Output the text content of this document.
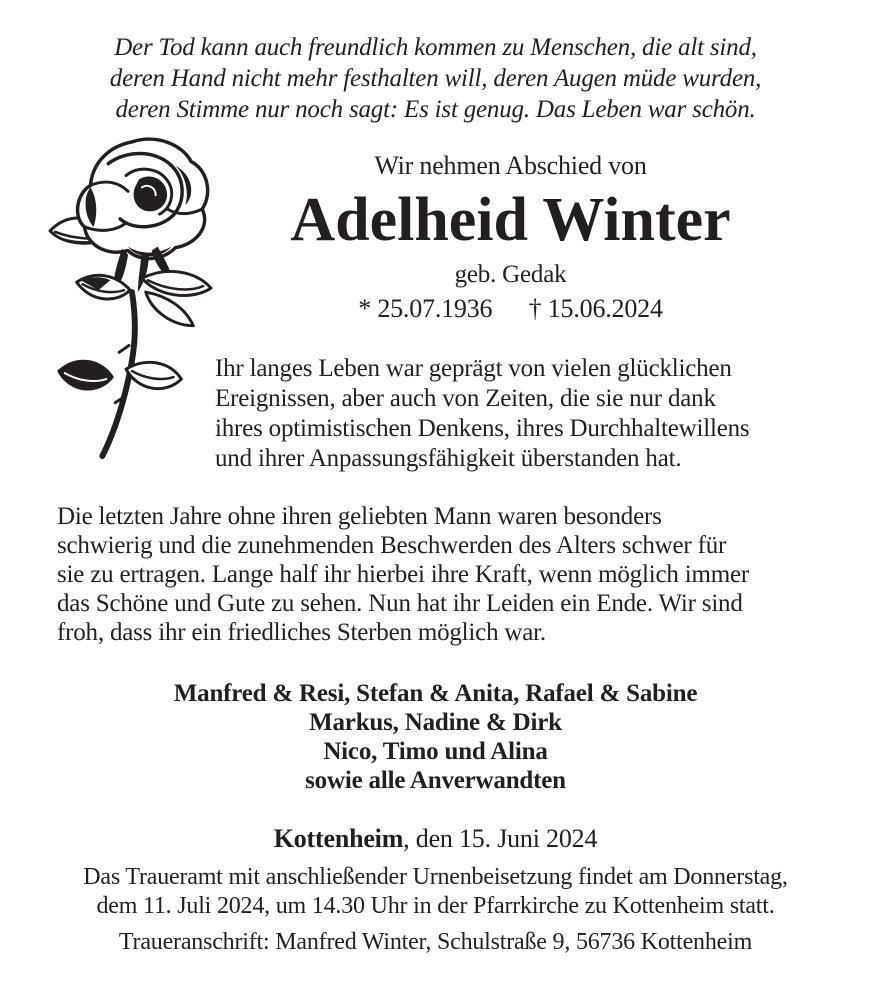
Der Tod kann auch freundlich kommen zu Menschen, die alt sind,
deren Hand nicht mehr festhalten will, deren Augen müde wurden,
deren Stimme nur noch sagt: Es ist genug. Das Leben war schön.
Wir nehmen Abschied von
Adelheid Winter
geb. Gedak
* 25.07.1936 † 15.06.2024
Ihr langes Leben war geprägt von vielen glücklichen
Ereignissen, aber auch von Zeiten, die sie nur dank
ihres optimistischen Denkens, ihres Durchhaltewillens
und ihrer Anpassungsfähigkeit überstanden hat.
Die letzten Jahre ohne ihren geliebten Mann waren besonders
schwierig und die zunehmenden Beschwerden des Alters schwer für
sie zu ertragen. Lange half ihr hierbei ihre Kraft, wenn möglich immer
das Schöne und Gute zu sehen. Nun hat ihr Leiden ein Ende. Wir sind
froh, dass ihr ein friedliches Sterben möglich war.
Manfred & Resi, Stefan & Anita, Rafael & Sabine
Markus, Nadine & Dirk
Nico, Timo und Alina
sowie alle Anverwandten
Kottenheim, den 15. Juni 2024
Das Traueramt mit anschließender Urnenbeisetzung findet am Donnerstag,
dem 11. Juli 2024, um 14.30 Uhr in der Pfarrkirche zu Kottenheim statt.
Traueranschrift: Manfred Winter, Schulstraße 9, 56736 Kottenheim
